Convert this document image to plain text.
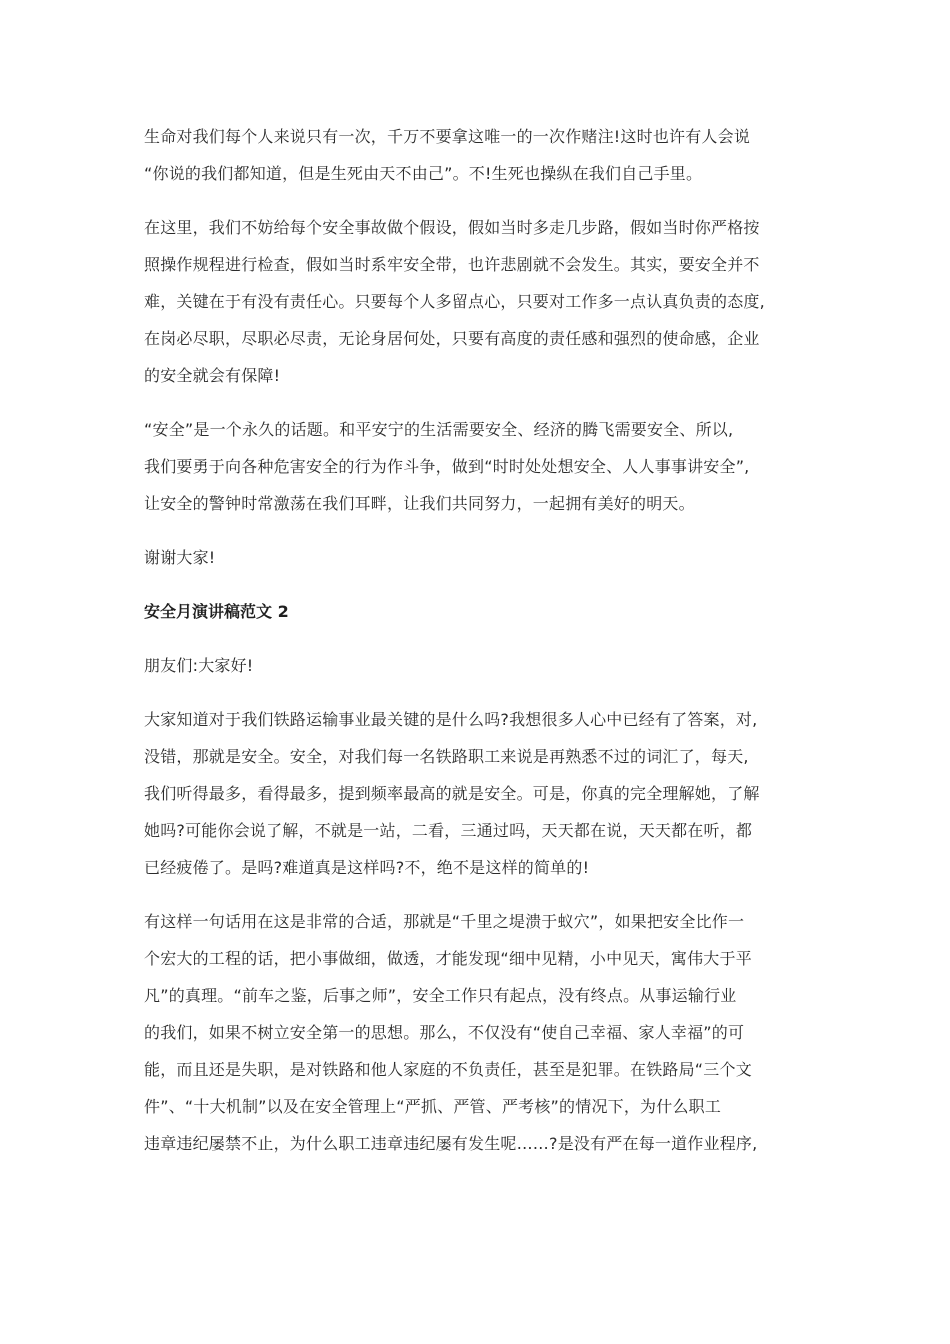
生命对我们每个人来说只有一次，千万不要拿这唯一的一次作赌注!这时也许有人会说
“你说的我们都知道，但是生死由天不由己”。不!生死也操纵在我们自己手里。

在这里，我们不妨给每个安全事故做个假设，假如当时多走几步路，假如当时你严格按
照操作规程进行检查，假如当时系牢安全带，也许悲剧就不会发生。其实，要安全并不
难，关键在于有没有责任心。只要每个人多留点心，只要对工作多一点认真负责的态度,
在岗必尽职，尽职必尽责，无论身居何处，只要有高度的责任感和强烈的使命感，企业
的安全就会有保障!

“安全”是一个永久的话题。和平安宁的生活需要安全、经济的腾飞需要安全、所以,
我们要勇于向各种危害安全的行为作斗争，做到“时时处处想安全、人人事事讲安全”,
让安全的警钟时常激荡在我们耳畔，让我们共同努力，一起拥有美好的明天。

谢谢大家!

安全月演讲稿范文 2

朋友们:大家好!

大家知道对于我们铁路运输事业最关键的是什么吗?我想很多人心中已经有了答案，对,
没错，那就是安全。安全，对我们每一名铁路职工来说是再熟悉不过的词汇了，每天,
我们听得最多，看得最多，提到频率最高的就是安全。可是，你真的完全理解她，了解
她吗?可能你会说了解，不就是一站，二看，三通过吗，天天都在说，天天都在听，都
已经疲倦了。是吗?难道真是这样吗?不，绝不是这样的简单的!

有这样一句话用在这是非常的合适，那就是“千里之堤溃于蚁穴”，如果把安全比作一
个宏大的工程的话，把小事做细，做透，才能发现“细中见精，小中见天，寓伟大于平
凡”的真理。“前车之鉴，后事之师”，安全工作只有起点，没有终点。从事运输行业
的我们，如果不树立安全第一的思想。那么，不仅没有“使自己幸福、家人幸福”的可
能，而且还是失职，是对铁路和他人家庭的不负责任，甚至是犯罪。在铁路局“三个文
件”、“十大机制”以及在安全管理上“严抓、严管、严考核”的情况下，为什么职工
违章违纪屡禁不止，为什么职工违章违纪屡有发生呢……?是没有严在每一道作业程序,
